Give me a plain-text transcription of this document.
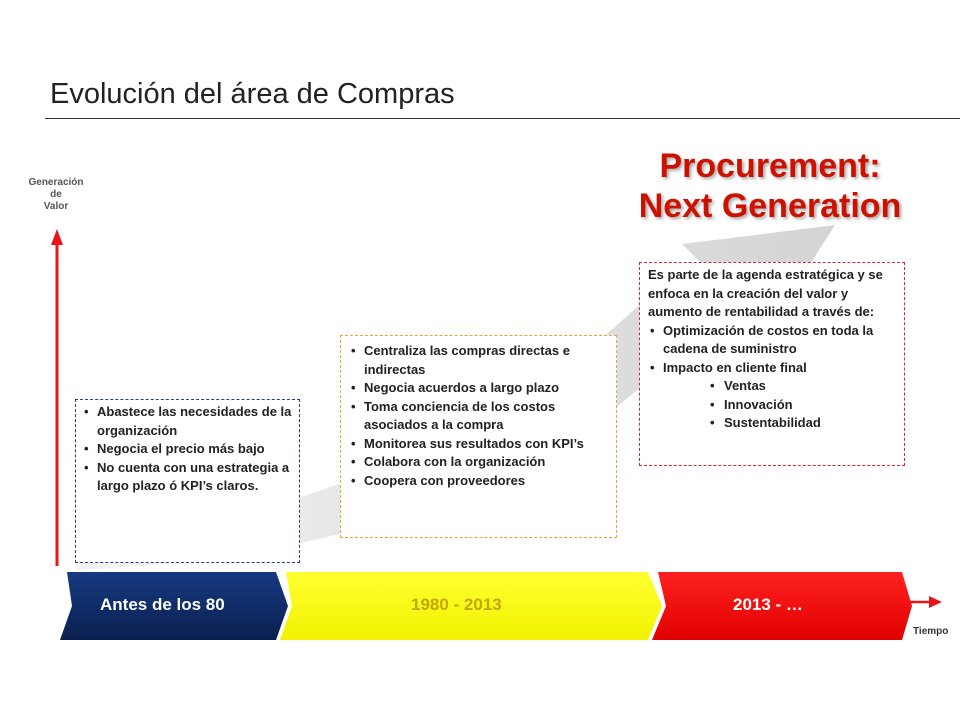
Evolución del área de Compras
Generación
de
Valor
Tiempo
Procurement:
Next Generation
• Abastece las necesidades de la organización
• Negocia el precio más bajo
• No cuenta con una estrategia a largo plazo ó KPI’s claros.
• Centraliza las compras directas e indirectas
• Negocia acuerdos a largo plazo
• Toma conciencia de los costos asociados a la compra
• Monitorea sus resultados con KPI’s
• Colabora con la organización
• Coopera con proveedores

Es parte de la agenda estratégica y se enfoca en la creación del valor y aumento de rentabilidad a través de:

• Optimización de costos en toda la cadena de suministro
• Impacto en cliente final
• Ventas
• Innovación
• Sustentabilidad
Antes de los 80	1980 - 2013	2013 - …
